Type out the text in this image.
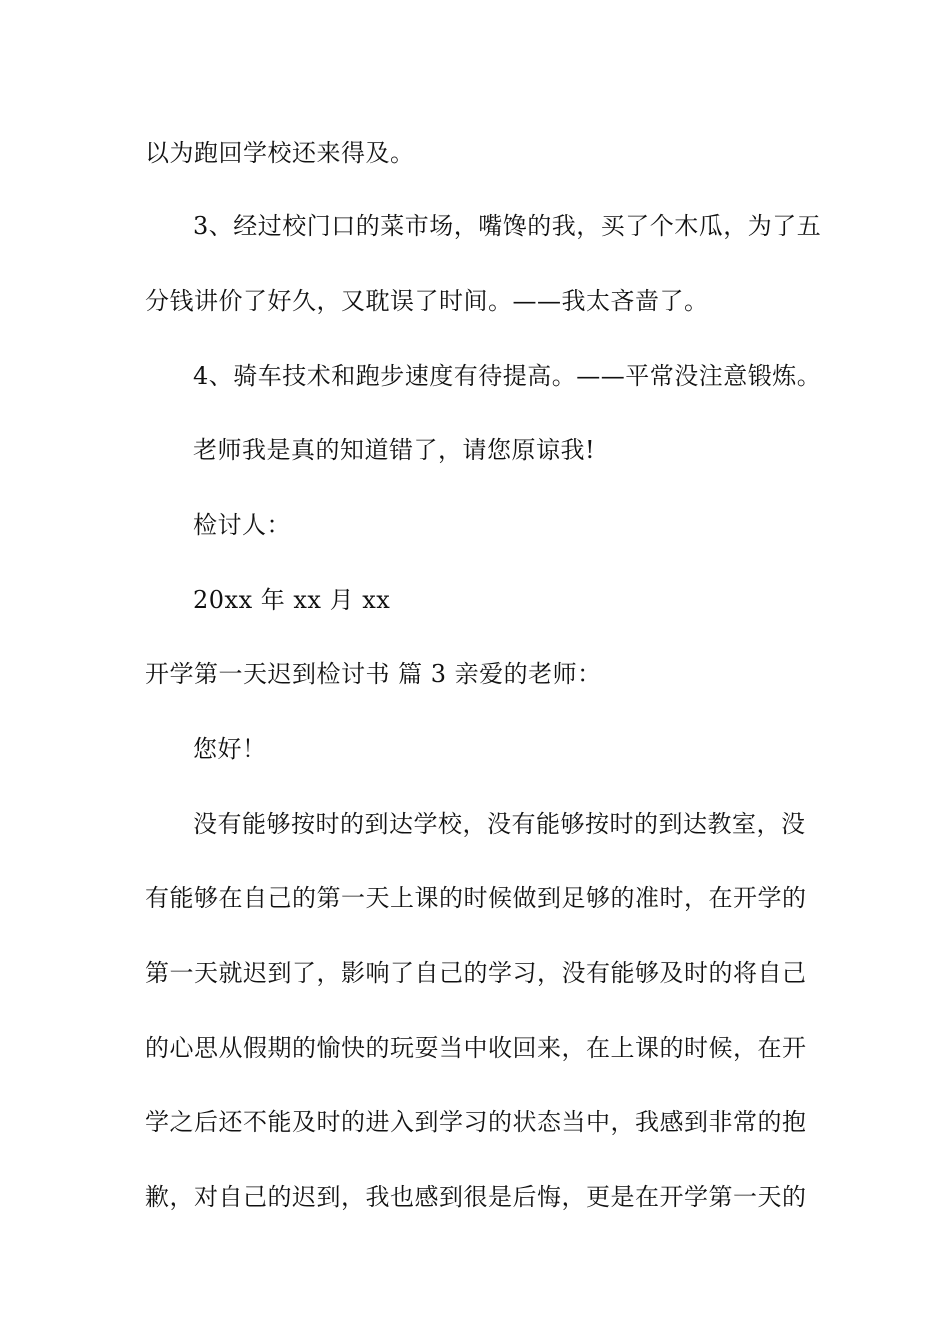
以为跑回学校还来得及。
3、经过校门口的菜市场，嘴馋的我，买了个木瓜，为了五
分钱讲价了好久，又耽误了时间。——我太吝啬了。
4、骑车技术和跑步速度有待提高。——平常没注意锻炼。
老师我是真的知道错了，请您原谅我!
检讨人：
20xx 年 xx 月 xx
开学第一天迟到检讨书 篇 3 亲爱的老师：
您好！
没有能够按时的到达学校，没有能够按时的到达教室，没
有能够在自己的第一天上课的时候做到足够的准时，在开学的
第一天就迟到了，影响了自己的学习，没有能够及时的将自己
的心思从假期的愉快的玩耍当中收回来，在上课的时候，在开
学之后还不能及时的进入到学习的状态当中，我感到非常的抱
歉，对自己的迟到，我也感到很是后悔，更是在开学第一天的
